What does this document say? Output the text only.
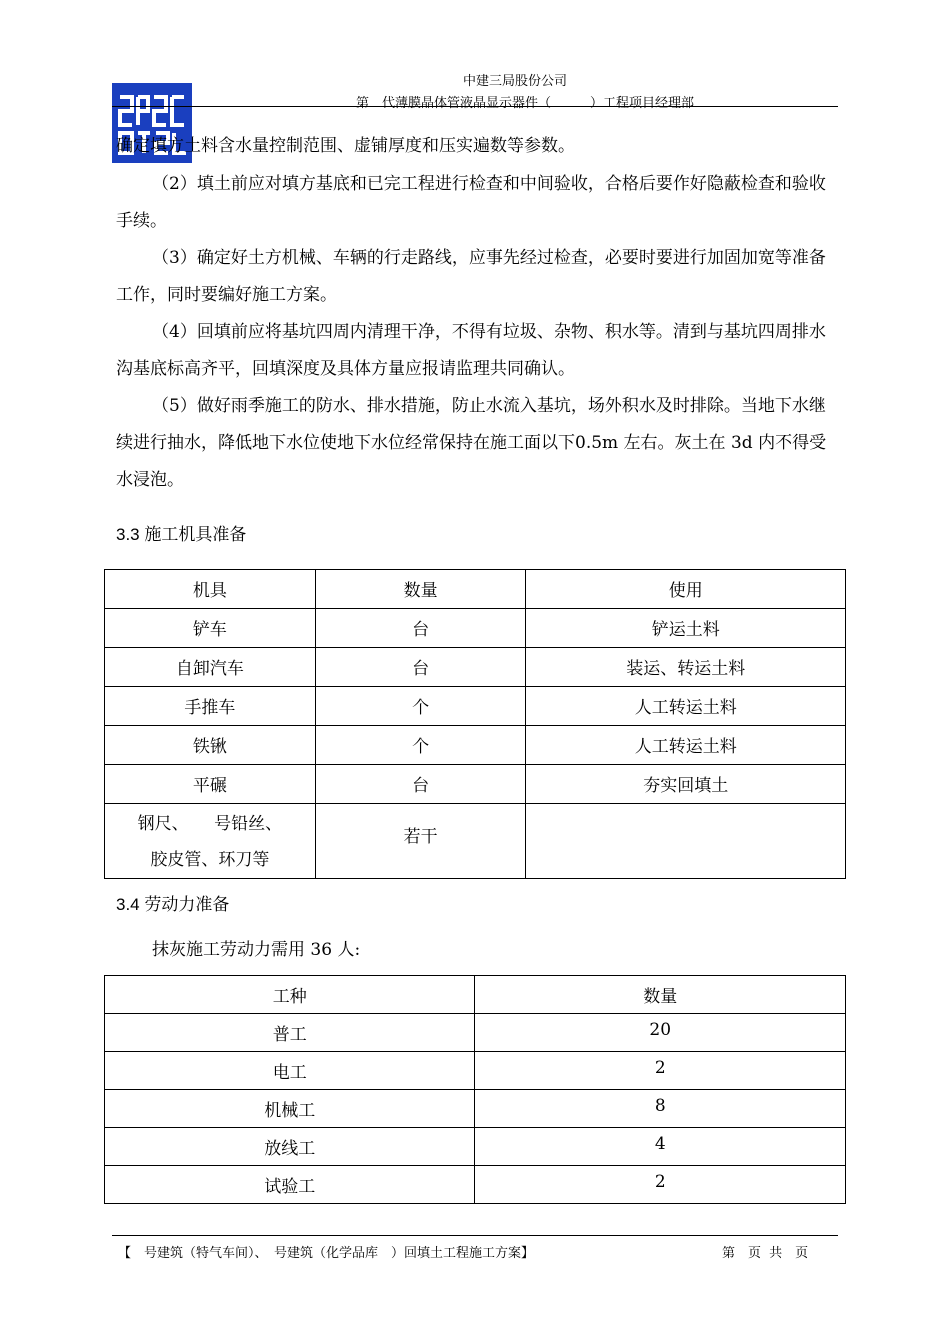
中建三局股份公司
第　代薄膜晶体管液晶显示器件（　　　）工程项目经理部

确定填方土料含水量控制范围、虚铺厚度和压实遍数等参数。

（2）填土前应对填方基底和已完工程进行检查和中间验收，合格后要作好隐蔽检查和验收手续。

（3）确定好土方机械、车辆的行走路线，应事先经过检查，必要时要进行加固加宽等准备工作，同时要编好施工方案。

（4）回填前应将基坑四周内清理干净，不得有垃圾、杂物、积水等。清到与基坑四周排水沟基底标高齐平，回填深度及具体方量应报请监理共同确认。

（5）做好雨季施工的防水、排水措施，防止水流入基坑，场外积水及时排除。当地下水继续进行抽水，降低地下水位使地下水位经常保持在施工面以下0.5m 左右。灰土在 3d 内不得受水浸泡。

3.3 施工机具准备
机具	数量	使用
铲车	台	铲运土料
自卸汽车	台	装运、转运土料
手推车	个	人工转运土料
铁锹	个	人工转运土料
平碾	台	夯实回填土
钢尺、　　号铅丝、胶皮管、环刀等	若干	
3.4 劳动力准备

抹灰施工劳动力需用 36 人:

工种	数量
普工	20
电工	2
机械工	8
放线工	4
试验工	2
【　号建筑（特气车间）、　号建筑（化学品库　）回填土工程施工方案】	第　页 共　页
